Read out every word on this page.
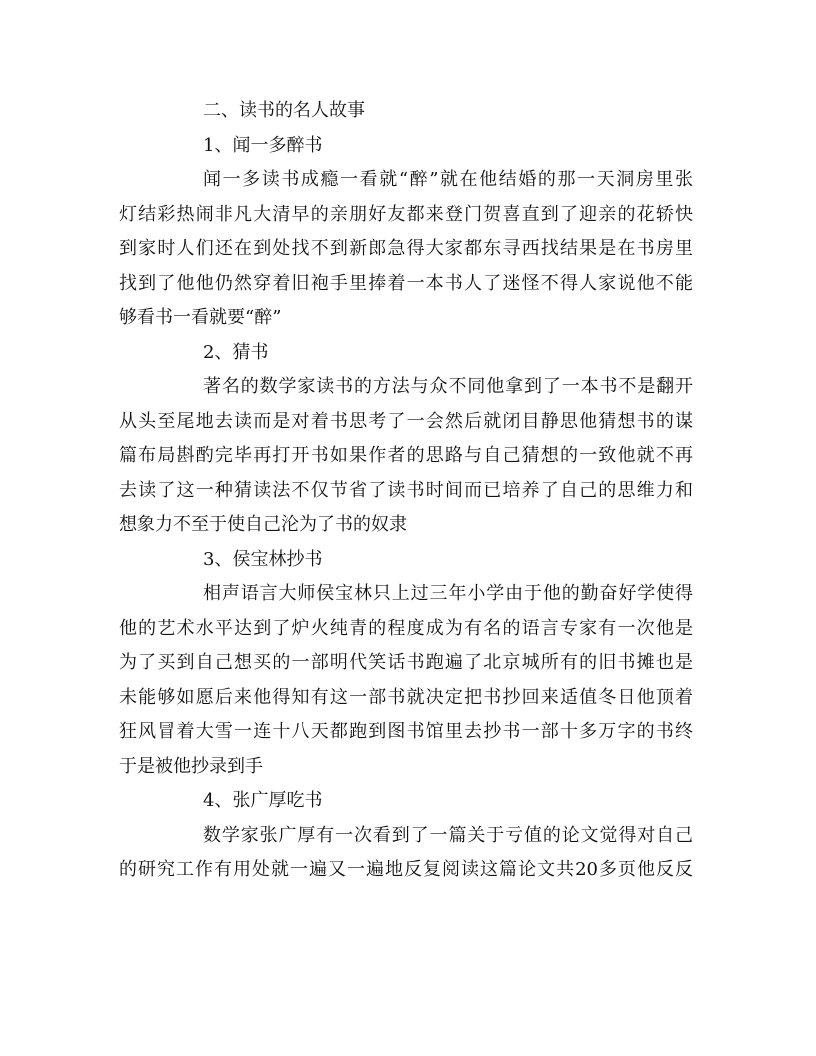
二、读书的名人故事
1、闻一多醉书
闻一多读书成瘾一看就“醉”就在他结婚的那一天洞房里张
灯结彩热闹非凡大清早的亲朋好友都来登门贺喜直到了迎亲的花轿快
到家时人们还在到处找不到新郎急得大家都东寻西找结果是在书房里
找到了他他仍然穿着旧袍手里捧着一本书人了迷怪不得人家说他不能
够看书一看就要“醉”
2、猜书
著名的数学家读书的方法与众不同他拿到了一本书不是翻开
从头至尾地去读而是对着书思考了一会然后就闭目静思他猜想书的谋
篇布局斟酌完毕再打开书如果作者的思路与自己猜想的一致他就不再
去读了这一种猜读法不仅节省了读书时间而已培养了自己的思维力和
想象力不至于使自己沦为了书的奴隶
3、侯宝林抄书
相声语言大师侯宝林只上过三年小学由于他的勤奋好学使得
他的艺术水平达到了炉火纯青的程度成为有名的语言专家有一次他是
为了买到自己想买的一部明代笑话书跑遍了北京城所有的旧书摊也是
未能够如愿后来他得知有这一部书就决定把书抄回来适值冬日他顶着
狂风冒着大雪一连十八天都跑到图书馆里去抄书一部十多万字的书终
于是被他抄录到手
4、张广厚吃书
数学家张广厚有一次看到了一篇关于亏值的论文觉得对自己
的研究工作有用处就一遍又一遍地反复阅读这篇论文共20多页他反反
